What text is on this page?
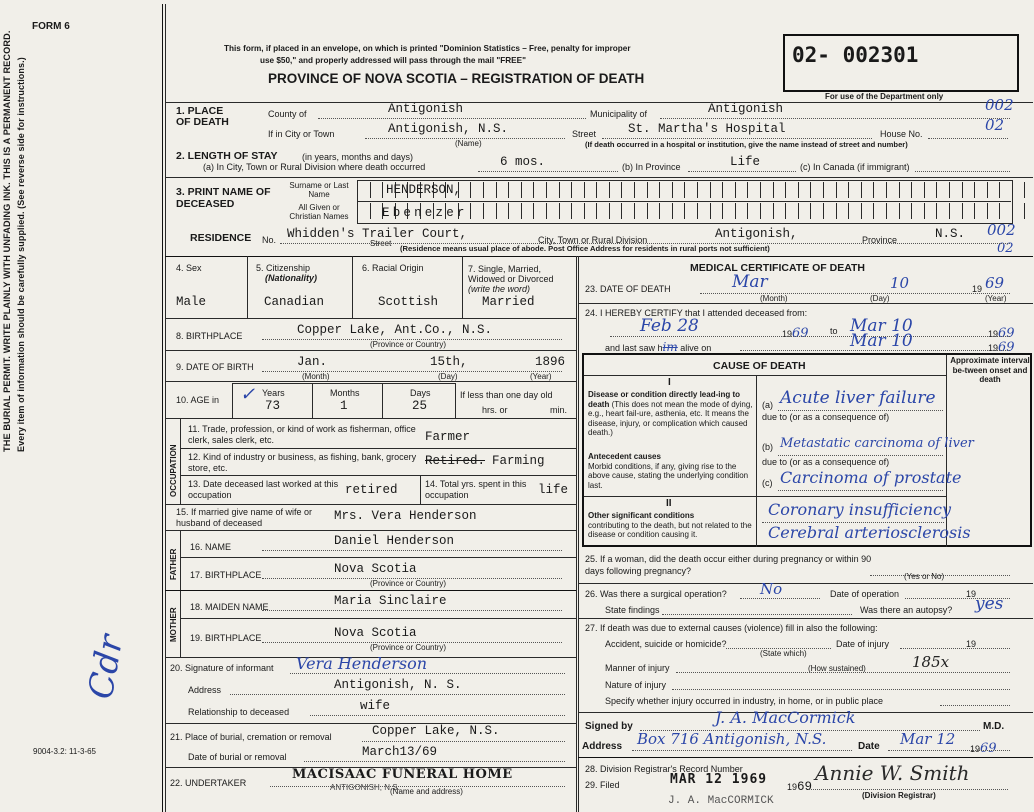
FORM 6
9004-3.2: 11-3-65
THE BURIAL PERMIT. WRITE PLAINLY WITH UNFADING INK. THIS IS A PERMANENT RECORD.
Every item of information should be carefully supplied. (See reverse side for instructions.)
Cdr
This form, if placed in an envelope, on which is printed "Dominion Statistics – Free, penalty for improper
use $50," and properly addressed will pass through the mail "FREE"
PROVINCE OF NOVA SCOTIA – REGISTRATION OF DEATH
02- 002301
For use of the Department only
1. PLACE OF DEATH
County of	Antigonish	Municipality of	Antigonish	002
If in City or Town	Antigonish, N.S.
(Name)
Street	St. Martha's Hospital	House No.	02
(If death occurred in a hospital or institution, give the name instead of street and number)
2. LENGTH OF STAY	(in years, months and days)
(a) In City, Town or Rural Division where death occurred	6 mos.	(b) In Province	Life	(c) In Canada (if immigrant)
3. PRINT NAME OF DECEASED
Surname or Last Name
All Given or Christian Names
HENDERSON,
Ebenezer
RESIDENCE No. Whidden's Trailer Court,
Street	City, Town or Rural Division	Antigonish,	Province	N.S. 002
02
(Residence means usual place of abode. Post Office Address for residents in rural ports not sufficient)
4. Sex
Male
5. Citizenship
(Nationality)
Canadian
6. Racial Origin
Scottish
7. Single, Married, Widowed or Divorced (write the word)
Married
8. BIRTHPLACE	Copper Lake, Ant.Co., N.S.
(Province or Country)
9. DATE OF BIRTH	Jan.	15th,	1896
(Month)	(Day)	(Year)
10. AGE in
Years	Months	Days
✓
73	1	25
If less than one day old
hrs. or	min.
OCCUPATION
11. Trade, profession, or kind of work as fisherman, office clerk, sales clerk, etc.	Farmer
12. Kind of industry or business, as fishing, bank, grocery store, etc.	Retired. Farming
13. Date deceased last worked at this occupation	retired	14. Total yrs. spent in this occupation	life
15. If married give name of wife or husband of deceased	Mrs. Vera Henderson
FATHER
16. NAME	Daniel Henderson
17. BIRTHPLACE	Nova Scotia
(Province or Country)
MOTHER
18. MAIDEN NAME	Maria Sinclaire
19. BIRTHPLACE	Nova Scotia
(Province or Country)
20. Signature of informant Vera Henderson
Address	Antigonish, N. S.
Relationship to deceased	wife
21. Place of burial, cremation or removal	Copper Lake, N.S.
Date of burial or removal	March13/69
22. UNDERTAKER
MACISAAC FUNERAL HOME
ANTIGONISH, N.S.
(Name and address)
MEDICAL CERTIFICATE OF DEATH
23. DATE OF DEATH	Mar	10	19 69
(Month)	(Day)	(Year)
24. I HEREBY CERTIFY that I attended deceased from:
Feb 28	1969 to Mar 10	1969
and last saw him alive on	Mar 10	1969
CAUSE OF DEATH	Approximate interval be-tween onset and death
I
Disease or condition directly lead-ing to death (This does not mean the mode of dying, e.g., heart fail-ure, asthenia, etc. It means the disease, injury, or complication which caused death.)
Antecedent causes
Morbid conditions, if any, giving rise to the above cause, stating the underlying condition last.
II
Other significant conditions
contributing to the death, but not related to the disease or condition causing it.
(a) Acute liver failure
due to (or as a consequence of)
(b) Metastatic carcinoma of liver
due to (or as a consequence of)
(c) Carcinoma of prostate
Coronary insufficiency
Cerebral arteriosclerosis
25. If a woman, did the death occur either during pregnancy or within 90 days following pregnancy?
(Yes or No)
26. Was there a surgical operation? No	Date of operation	19
State findings	Was there an autopsy? yes
27. If death was due to external causes (violence) fill in also the following:
Accident, suicide or homicide?	Date of injury	19
(State which)
Manner of injury	185x
(How sustained)
Nature of injury
Specify whether injury occurred in industry, in home, or in public place
Signed by	J. A. MacCormick	M.D.
Address Box 716 Antigonish, N.S.	Date Mar 12
1969
28. Division Registrar's Record Number
29. Filed	MAR 12 1969 1969
Annie W. Smith
(Division Registrar)
J. A. MacCORMICK
